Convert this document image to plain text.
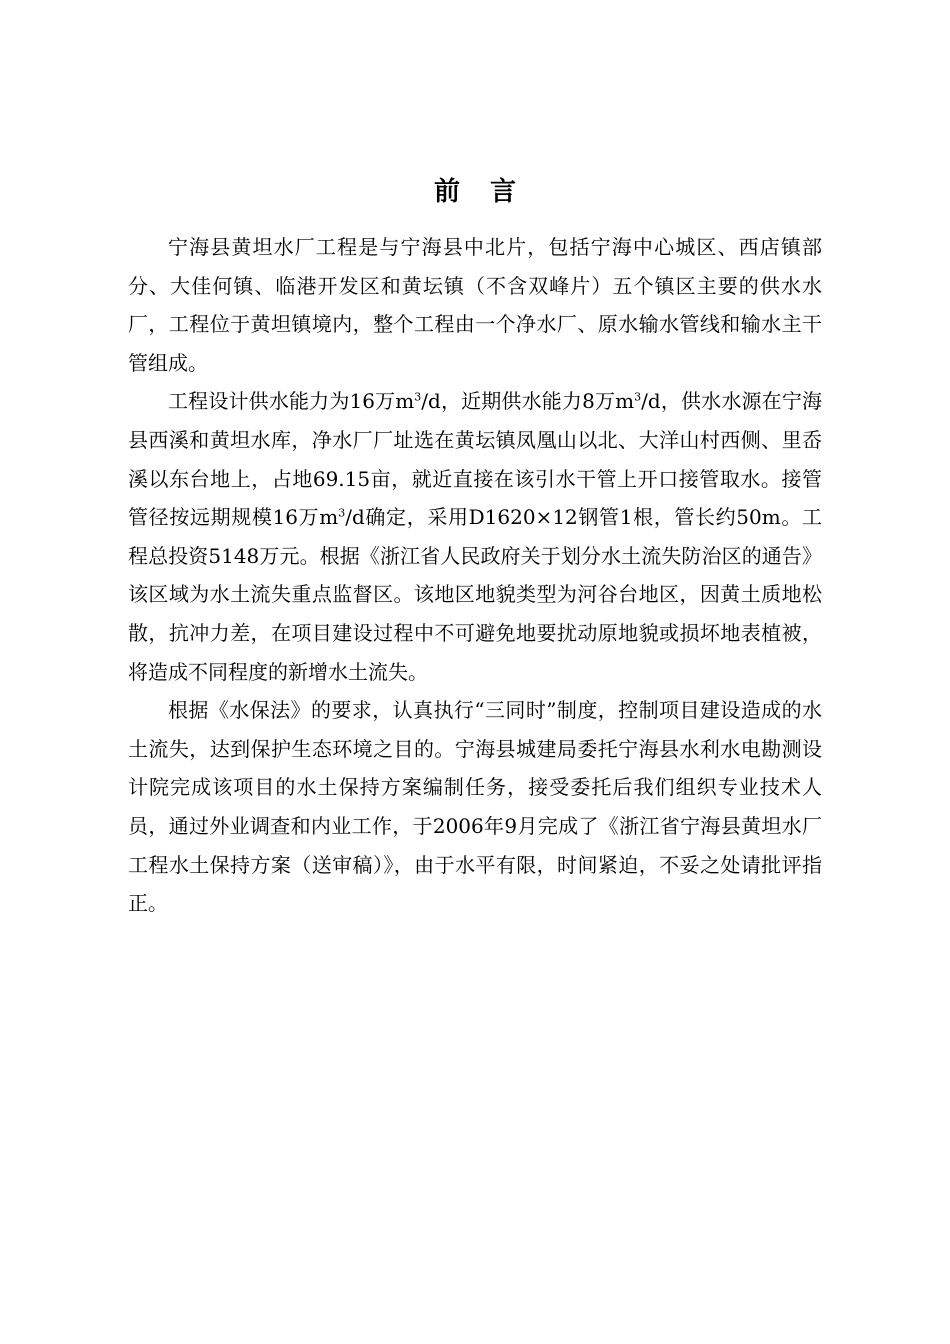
前言

宁海县黄坦水厂工程是与宁海县中北片，包括宁海中心城区、西店镇部分、大佳何镇、临港开发区和黄坛镇（不含双峰片）五个镇区主要的供水水厂，工程位于黄坦镇境内，整个工程由一个净水厂、原水输水管线和输水主干管组成。

工程设计供水能力为16万$m^3/d$，近期供水能力8万$m^3/d$，供水水源在宁海县西溪和黄坦水库，净水厂厂址选在黄坛镇凤凰山以北、大洋山村西侧、里岙溪以东台地上，占地69.15亩，就近直接在该引水干管上开口接管取水。接管管径按远期规模16万$m^3/d$确定，采用D1620×12钢管1根，管长约50m。工程总投资5148万元。根据《浙江省人民政府关于划分水土流失防治区的通告》该区域为水土流失重点监督区。该地区地貌类型为河谷台地区，因黄土质地松散，抗冲力差，在项目建设过程中不可避免地要扰动原地貌或损坏地表植被，将造成不同程度的新增水土流失。

根据《水保法》的要求，认真执行“三同时”制度，控制项目建设造成的水土流失，达到保护生态环境之目的。宁海县城建局委托宁海县水利水电勘测设计院完成该项目的水土保持方案编制任务，接受委托后我们组织专业技术人员，通过外业调查和内业工作，于2006年9月完成了《浙江省宁海县黄坦水厂工程水土保持方案（送审稿）》，由于水平有限，时间紧迫，不妥之处请批评指正。
